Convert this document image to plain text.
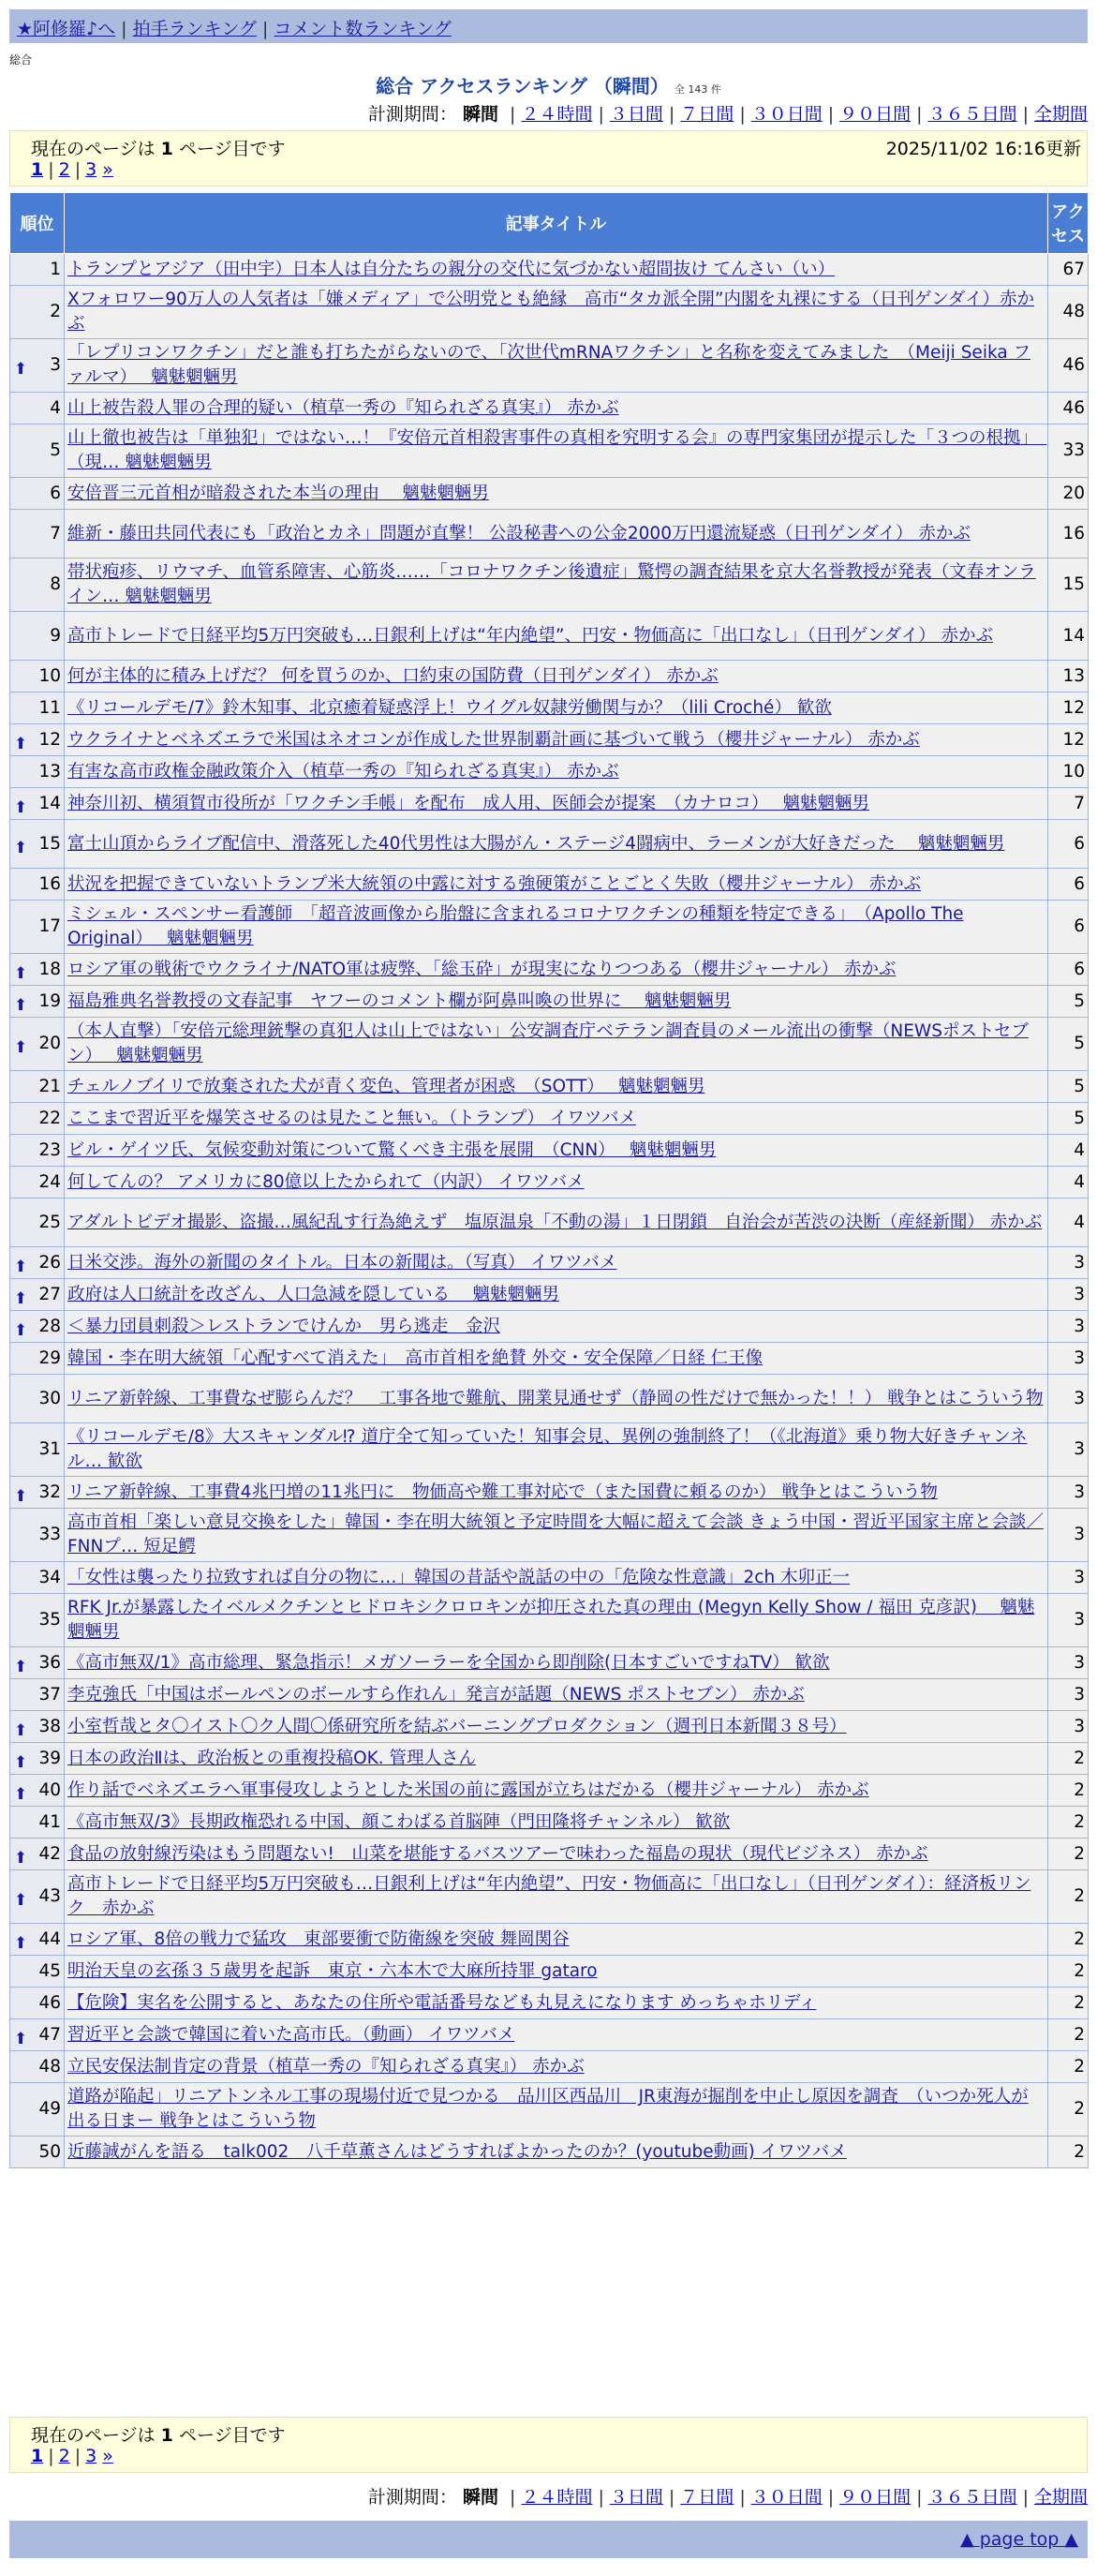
★阿修羅♪へ | 拍手ランキング | コメント数ランキング
総合
総合 アクセスランキング （瞬間） 全 143 件
計測期間： 瞬間 | ２４時間 | ３日間 | ７日間 | ３０日間 | ９０日間 | ３６５日間 | 全期間
現在のページは 1 ページ目です	2025/11/02 16:16更新
1 | 2 | 3 »
順位	記事タイトル	アクセス
1	トランプとアジア（田中宇）日本人は自分たちの親分の交代に気づかない超間抜け てんさい（い）	67
2	Xフォロワー90万人の人気者は「嫌メディア」で公明党とも絶縁　高市“タカ派全開”内閣を丸裸にする（日刊ゲンダイ）赤かぶ	48

⬆ 3	「レプリコンワクチン」だと誰も打ちたがらないので、「次世代mRNAワクチン」と名称を変えてみました　（Meiji Seika ファルマ）　 魑魅魍魎男	46
4	山上被告殺人罪の合理的疑い（植草一秀の『知られざる真実』） 赤かぶ	46
5	山上徹也被告は「単独犯」ではない…！『安倍元首相殺害事件の真相を究明する会』の専門家集団が提示した「３つの根拠」　（現… 魑魅魍魎男	33
6	安倍晋三元首相が暗殺された本当の理由　 魑魅魍魎男	20
7	維新・藤田共同代表にも「政治とカネ」問題が直撃！ 公設秘書への公金2000万円還流疑惑（日刊ゲンダイ） 赤かぶ	16
8	帯状疱疹、リウマチ、血管系障害、心筋炎……「コロナワクチン後遺症」驚愕の調査結果を京大名誉教授が発表（文春オンライン… 魑魅魍魎男	15
9	高市トレードで日経平均5万円突破も…日銀利上げは“年内絶望”、円安・物価高に「出口なし」（日刊ゲンダイ） 赤かぶ	14
10	何が主体的に積み上げだ？ 何を買うのか、口約束の国防費（日刊ゲンダイ） 赤かぶ	13
11	《リコールデモ/7》鈴木知事、北京癒着疑惑浮上！ウイグル奴隷労働関与か？（lili Croché） 歓欲	12

⬆ 12	ウクライナとベネズエラで米国はネオコンが作成した世界制覇計画に基づいて戦う（櫻井ジャーナル） 赤かぶ	12
13	有害な高市政権金融政策介入（植草一秀の『知られざる真実』） 赤かぶ	10

⬆ 14	神奈川初、横須賀市役所が「ワクチン手帳」を配布　成人用、医師会が提案　（カナロコ）　 魑魅魍魎男	7

⬆ 15	富士山頂からライブ配信中、滑落死した40代男性は大腸がん・ステージ4闘病中、ラーメンが大好きだった　 魑魅魍魎男	6
16	状況を把握できていないトランプ米大統領の中露に対する強硬策がことごとく失敗（櫻井ジャーナル） 赤かぶ	6
17	ミシェル・スペンサー看護師　「超音波画像から胎盤に含まれるコロナワクチンの種類を特定できる」　（Apollo The Original）　 魑魅魍魎男	6

⬆ 18	ロシア軍の戦術でウクライナ/NATO軍は疲弊、「総玉砕」が現実になりつつある（櫻井ジャーナル） 赤かぶ	6

⬆ 19	福島雅典名誉教授の文春記事　ヤフーのコメント欄が阿鼻叫喚の世界に　 魑魅魍魎男	5

⬆ 20	（本人直撃）「安倍元総理銃撃の真犯人は山上ではない」公安調査庁ベテラン調査員のメール流出の衝撃（NEWSポストセブン）　 魑魅魍魎男	5
21	チェルノブイリで放棄された犬が青く変色、管理者が困惑　（SOTT）　 魑魅魍魎男	5
22	ここまで習近平を爆笑させるのは見たこと無い。（トランプ） イワツバメ	5
23	ビル・ゲイツ氏、気候変動対策について驚くべき主張を展開　（CNN）　 魑魅魍魎男	4
24	何してんの？ アメリカに80億以上たかられて（内訳） イワツバメ	4
25	アダルトビデオ撮影、盗撮…風紀乱す行為絶えず　塩原温泉「不動の湯」１日閉鎖　自治会が苦渋の決断（産経新聞） 赤かぶ	4

⬆ 26	日米交渉。海外の新聞のタイトル。日本の新聞は。（写真） イワツバメ	3

⬆ 27	政府は人口統計を改ざん、人口急減を隠している　 魑魅魍魎男	3

⬆ 28	＜暴力団員刺殺＞レストランでけんか　男ら逃走　金沢	3
29	韓国・李在明大統領「心配すべて消えた」　高市首相を絶賛 外交・安全保障／日経 仁王像	3
30	リニア新幹線、工事費なぜ膨らんだ？　工事各地で難航、開業見通せず（静岡の性だけで無かった！！） 戦争とはこういう物	3
31	《リコールデモ/8》大スキャンダル⁉ 道庁全て知っていた！知事会見、異例の強制終了！（《北海道》乗り物大好きチャンネル… 歓欲	3

⬆ 32	リニア新幹線、工事費4兆円増の11兆円に　物価高や難工事対応で（また国費に頼るのか） 戦争とはこういう物	3
33	高市首相「楽しい意見交換をした」韓国・李在明大統領と予定時間を大幅に超えて会談 きょう中国・習近平国家主席と会談／FNNプ… 短足鰐	3
34	「女性は襲ったり拉致すれば自分の物に…」韓国の昔話や説話の中の「危険な性意識」2ch 木卯正一	3
35	RFK Jr.が暴露したイベルメクチンとヒドロキシクロロキンが抑圧された真の理由 (Megyn Kelly Show / 福田 克彦訳)　 魑魅魍魎男	3

⬆ 36	《高市無双/1》高市総理、緊急指示！メガソーラーを全国から即削除(日本すごいですねTV） 歓欲	3
37	李克強氏「中国はボールペンのボールすら作れん」発言が話題（NEWS ポストセブン） 赤かぶ	3

⬆ 38	小室哲哉とタ〇イスト〇ク人間〇係研究所を結ぶバーニングプロダクション（週刊日本新聞３８号）	3

⬆ 39	日本の政治Ⅱは、政治板との重複投稿OK. 管理人さん	2

⬆ 40	作り話でベネズエラへ軍事侵攻しようとした米国の前に露国が立ちはだかる（櫻井ジャーナル） 赤かぶ	2
41	《高市無双/3》長期政権恐れる中国、顔こわばる首脳陣（門田隆将チャンネル） 歓欲	2

⬆ 42	食品の放射線汚染はもう問題ない!　山菜を堪能するバスツアーで味わった福島の現状（現代ビジネス） 赤かぶ	2

⬆ 43	高市トレードで日経平均5万円突破も…日銀利上げは“年内絶望”、円安・物価高に「出口なし」（日刊ゲンダイ）：経済板リンク　赤かぶ	2

⬆ 44	ロシア軍、8倍の戦力で猛攻　東部要衝で防衛線を突破 舞岡関谷	2
45	明治天皇の玄孫３５歳男を起訴　東京・六本木で大麻所持罪 gataro	2
46	【危険】実名を公開すると、あなたの住所や電話番号なども丸見えになります めっちゃホリディ	2

⬆ 47	習近平と会談で韓国に着いた高市氏。（動画） イワツバメ	2
48	立民安保法制肯定の背景（植草一秀の『知られざる真実』） 赤かぶ	2
49	道路が陥起」リニアトンネル工事の現場付近で見つかる　品川区西品川　JR東海が掘削を中止し原因を調査　（いつか死人が出る日まー 戦争とはこういう物	2
50	近藤誠がんを語る　talk002　八千草薫さんはどうすればよかったのか？(youtube動画) イワツバメ	2
計測期間： 瞬間 | ２４時間 | ３日間 | ７日間 | ３０日間 | ９０日間 | ３６５日間 | 全期間
現在のページは 1 ページ目です
1 | 2 | 3 »
▲ page top ▲
